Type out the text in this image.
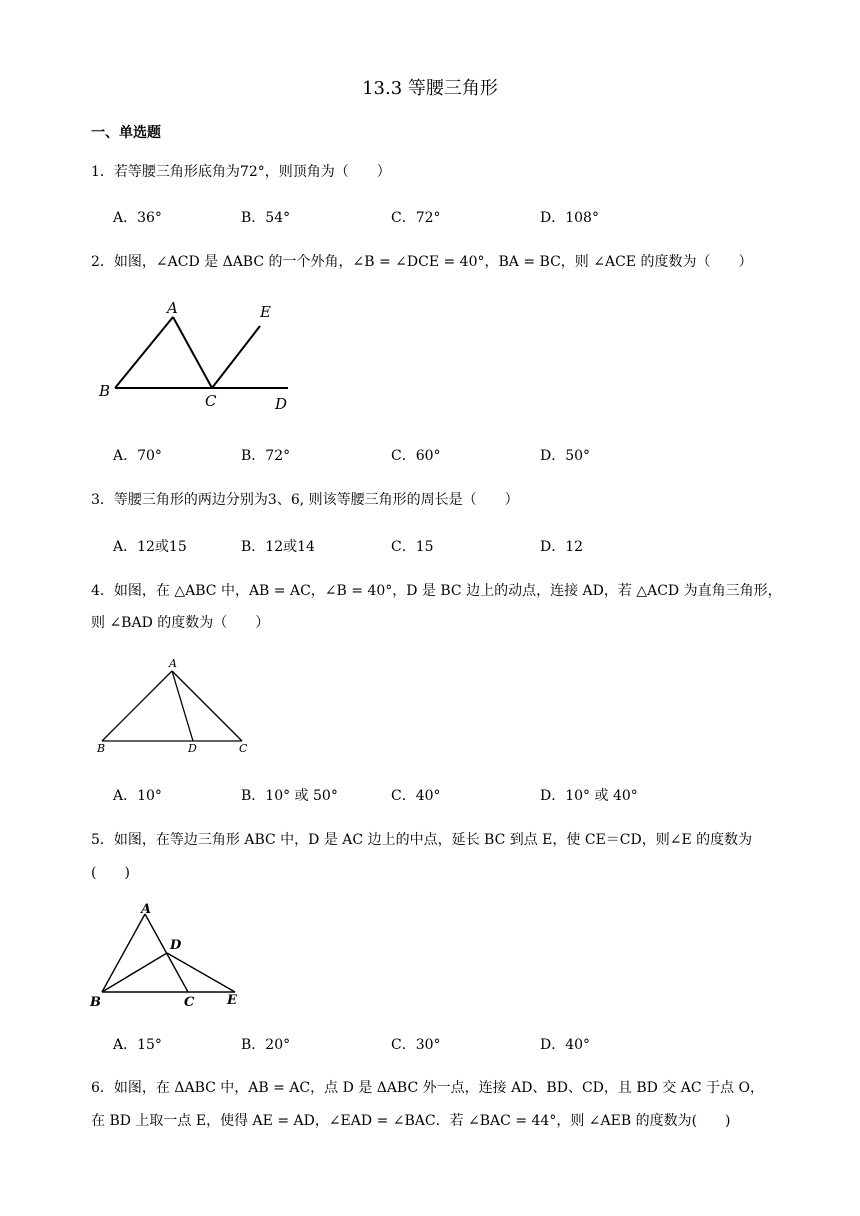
13.3 等腰三角形
一、单选题
1．若等腰三角形底角为72°，则顶角为（　　）
A．36°	B．54°	C．72°	D．108°
2．如图，∠ACD 是 ΔABC 的一个外角，∠B = ∠DCE = 40°，BA = BC，则 ∠ACE 的度数为（　　）
A	E
B
C	D
A．70°	B．72°	C．60°	D．50°
3．等腰三角形的两边分别为3、6, 则该等腰三角形的周长是（　　）
A．12或15	B．12或14	C．15	D．12
4．如图，在 △ABC 中，AB = AC，∠B = 40°，D 是 BC 边上的动点，连接 AD，若 △ACD 为直角三角形，
则 ∠BAD 的度数为（　　）
A
B	D	C
A．10°	B．10° 或 50°	C．40°	D．10° 或 40°
5．如图，在等边三角形 ABC 中，D 是 AC 边上的中点，延长 BC 到点 E，使 CE＝CD，则∠E 的度数为
(　　)
A
D
B	C	E
A．15°	B．20°	C．30°	D．40°
6．如图，在 ΔABC 中，AB = AC，点 D 是 ΔABC 外一点，连接 AD、BD、CD，且 BD 交 AC 于点 O，
在 BD 上取一点 E，使得 AE = AD，∠EAD = ∠BAC．若 ∠BAC = 44°，则 ∠AEB 的度数为(　　)
